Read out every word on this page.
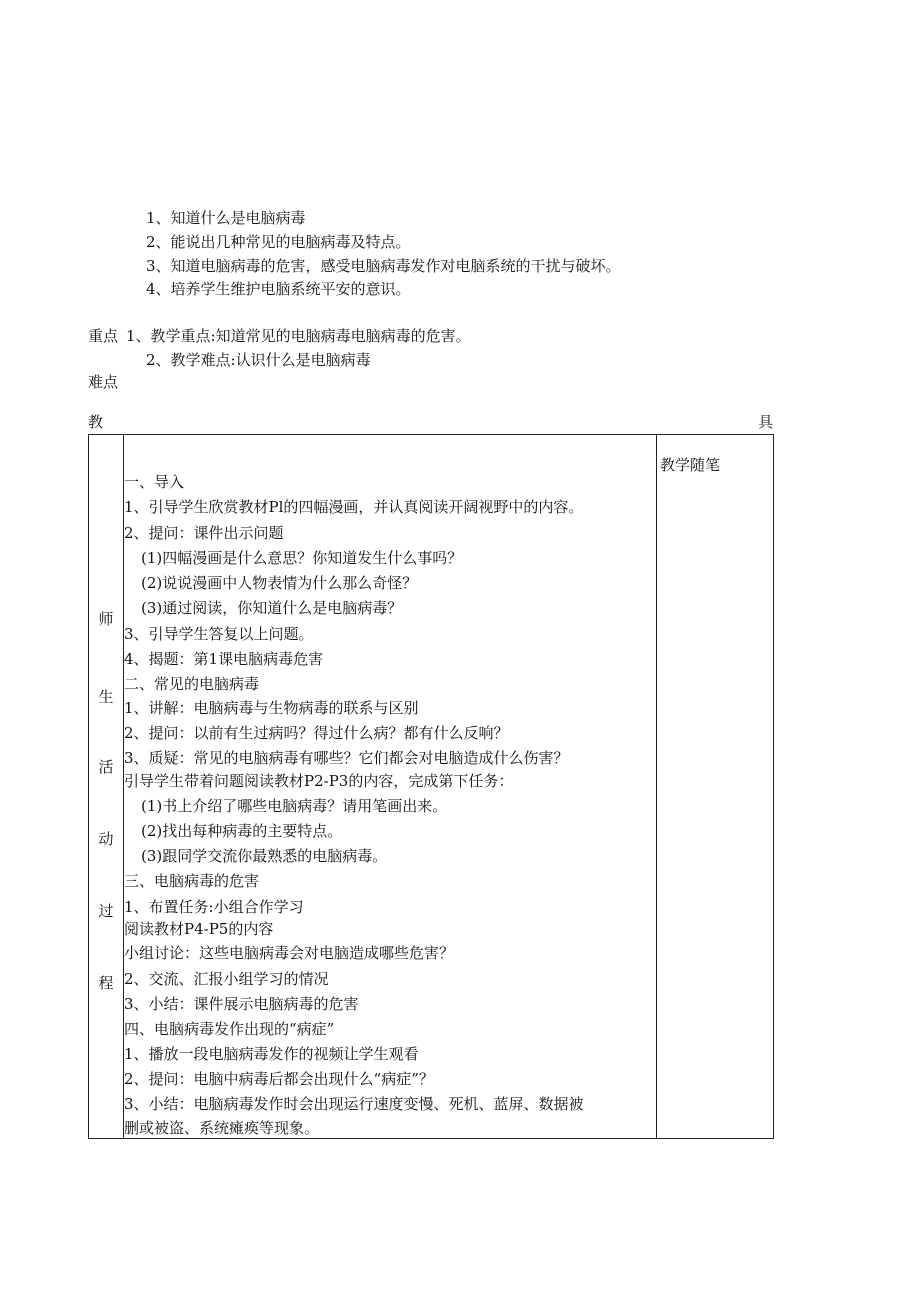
1、知道什么是电脑病毒
2、能说出几种常见的电脑病毒及特点。
3、知道电脑病毒的危害，感受电脑病毒发作对电脑系统的干扰与破坏。
4、培养学生维护电脑系统平安的意识。
重点 1、教学重点:知道常见的电脑病毒电脑病毒的危害。
2、教学难点:认识什么是电脑病毒
难点
教	具
师
生
活
动
过
程
教学随笔
一、导入
1、引导学生欣赏教材Pl的四幅漫画，并认真阅读开阔视野中的内容。
2、提问：课件出示问题
(1)四幅漫画是什么意思？你知道发生什么事吗？
(2)说说漫画中人物表情为什么那么奇怪？
(3)通过阅读，你知道什么是电脑病毒？
3、引导学生答复以上问题。
4、揭题：第1课电脑病毒危害
二、常见的电脑病毒
1、讲解：电脑病毒与生物病毒的联系与区别
2、提问：以前有生过病吗？得过什么病？都有什么反响？
3、质疑：常见的电脑病毒有哪些？它们都会对电脑造成什么伤害？
引导学生带着问题阅读教材P2-P3的内容，完成第下任务：
(1)书上介绍了哪些电脑病毒？请用笔画出来。
(2)找出每种病毒的主要特点。
(3)跟同学交流你最熟悉的电脑病毒。
三、电脑病毒的危害
1、布置任务:小组合作学习
阅读教材P4-P5的内容
小组讨论：这些电脑病毒会对电脑造成哪些危害？
2、交流、汇报小组学习的情况
3、小结：课件展示电脑病毒的危害
四、电脑病毒发作出现的“病症”
1、播放一段电脑病毒发作的视频让学生观看
2、提问：电脑中病毒后都会出现什么“病症”？
3、小结：电脑病毒发作时会出现运行速度变慢、死机、蓝屏、数据被
删或被盗、系统瘫痪等现象。
